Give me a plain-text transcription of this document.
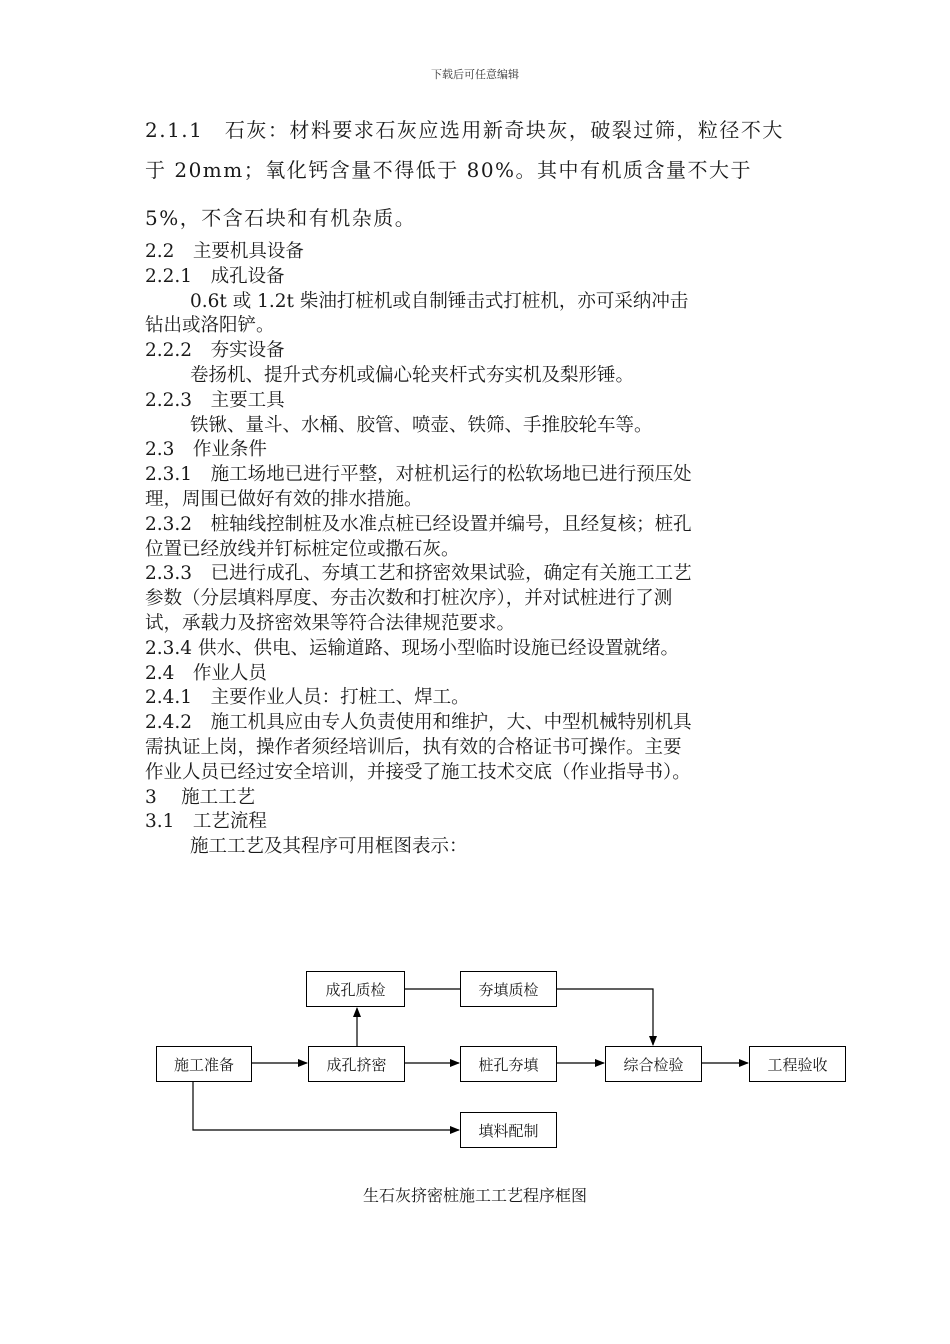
下载后可任意编辑

2.1.1　石灰：材料要求石灰应选用新奇块灰，破裂过筛，粒径不大

于 20mm；氧化钙含量不得低于 80%。其中有机质含量不大于

5%，不含石块和有机杂质。

2.2　主要机具设备

2.2.1　成孔设备

0.6t 或 1.2t 柴油打桩机或自制锤击式打桩机，亦可采纳冲击

钻出或洛阳铲。

2.2.2　夯实设备

卷扬机、提升式夯机或偏心轮夹杆式夯实机及梨形锤。

2.2.3　主要工具

铁锹、量斗、水桶、胶管、喷壶、铁筛、手推胶轮车等。

2.3　作业条件

2.3.1　施工场地已进行平整，对桩机运行的松软场地已进行预压处

理，周围已做好有效的排水措施。

2.3.2　桩轴线控制桩及水准点桩已经设置并编号，且经复核；桩孔

位置已经放线并钉标桩定位或撒石灰。

2.3.3　已进行成孔、夯填工艺和挤密效果试验，确定有关施工工艺

参数（分层填料厚度、夯击次数和打桩次序），并对试桩进行了测

试，承载力及挤密效果等符合法律规范要求。

2.3.4 供水、供电、运输道路、现场小型临时设施已经设置就绪。

2.4　作业人员

2.4.1　主要作业人员：打桩工、焊工。

2.4.2　施工机具应由专人负责使用和维护，大、中型机械特别机具

需执证上岗，操作者须经培训后，执有效的合格证书可操作。主要

作业人员已经过安全培训，并接受了施工技术交底（作业指导书）。

3　 施工工艺

3.1　工艺流程

施工工艺及其程序可用框图表示：

成孔质检	夯填质检
施工准备	成孔挤密	桩孔夯填	综合检验	工程验收
填料配制
生石灰挤密桩施工工艺程序框图
